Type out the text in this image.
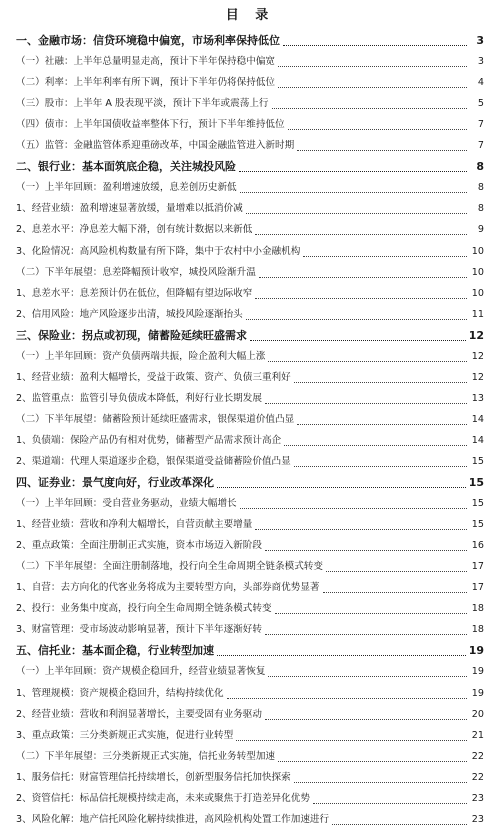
目 录
一、金融市场：信贷环境稳中偏宽，市场利率保持低位	3
（一）社融：上半年总量明显走高，预计下半年保持稳中偏宽	3
（二）利率：上半年利率有所下调，预计下半年仍将保持低位	4
（三）股市：上半年 A 股表现平淡，预计下半年或震荡上行	5
（四）债市：上半年国债收益率整体下行，预计下半年维持低位	7
（五）监管：金融监管体系迎重磅改革，中国金融监管进入新时期	7
二、银行业：基本面筑底企稳，关注城投风险	8
（一）上半年回顾：盈利增速放缓，息差创历史新低	8
1、经营业绩：盈利增速显著放缓，量增难以抵消价减	8
2、息差水平：净息差大幅下滑，创有统计数据以来新低	9
3、化险情况：高风险机构数量有所下降，集中于农村中小金融机构	10
（二）下半年展望：息差降幅预计收窄，城投风险渐升温	10
1、息差水平：息差预计仍在低位，但降幅有望边际收窄	10
2、信用风险：地产风险逐步出清，城投风险逐渐抬头	11
三、保险业：拐点或初现，储蓄险延续旺盛需求	12
（一）上半年回顾：资产负债两端共振，险企盈利大幅上涨	12
1、经营业绩：盈利大幅增长，受益于政策、资产、负债三重利好	12
2、监管重点：监管引导负债成本降低，利好行业长期发展	13
（二）下半年展望：储蓄险预计延续旺盛需求，银保渠道价值凸显	14
1、负债端：保险产品仍有相对优势，储蓄型产品需求预计高企	14
2、渠道端：代理人渠道逐步企稳，银保渠道受益储蓄险价值凸显	15
四、证券业：景气度向好，行业改革深化	15
（一）上半年回顾：受自营业务驱动，业绩大幅增长	15
1、经营业绩：营收和净利大幅增长，自营贡献主要增量	15
2、重点政策：全面注册制正式实施，资本市场迈入新阶段	16
（二）下半年展望：全面注册制落地，投行向全生命周期全链条模式转变	17
1、自营：去方向化的代客业务将成为主要转型方向，头部券商优势显著	17
2、投行：业务集中度高，投行向全生命周期全链条模式转变	18
3、财富管理：受市场波动影响显著，预计下半年逐渐好转	18
五、信托业：基本面企稳，行业转型加速	19
（一）上半年回顾：资产规模企稳回升，经营业绩显著恢复	19
1、管理规模：资产规模企稳回升，结构持续优化	19
2、经营业绩：营收和利润显著增长，主要受固有业务驱动	20
3、重点政策：三分类新规正式实施，促进行业转型	21
（二）下半年展望：三分类新规正式实施，信托业务转型加速	22
1、服务信托：财富管理信托持续增长，创新型服务信托加快探索	22
2、资管信托：标品信托规模持续走高，未来或聚焦于打造差异化优势	23
3、风险化解：地产信托风险化解持续推进，高风险机构处置工作加速进行	23
